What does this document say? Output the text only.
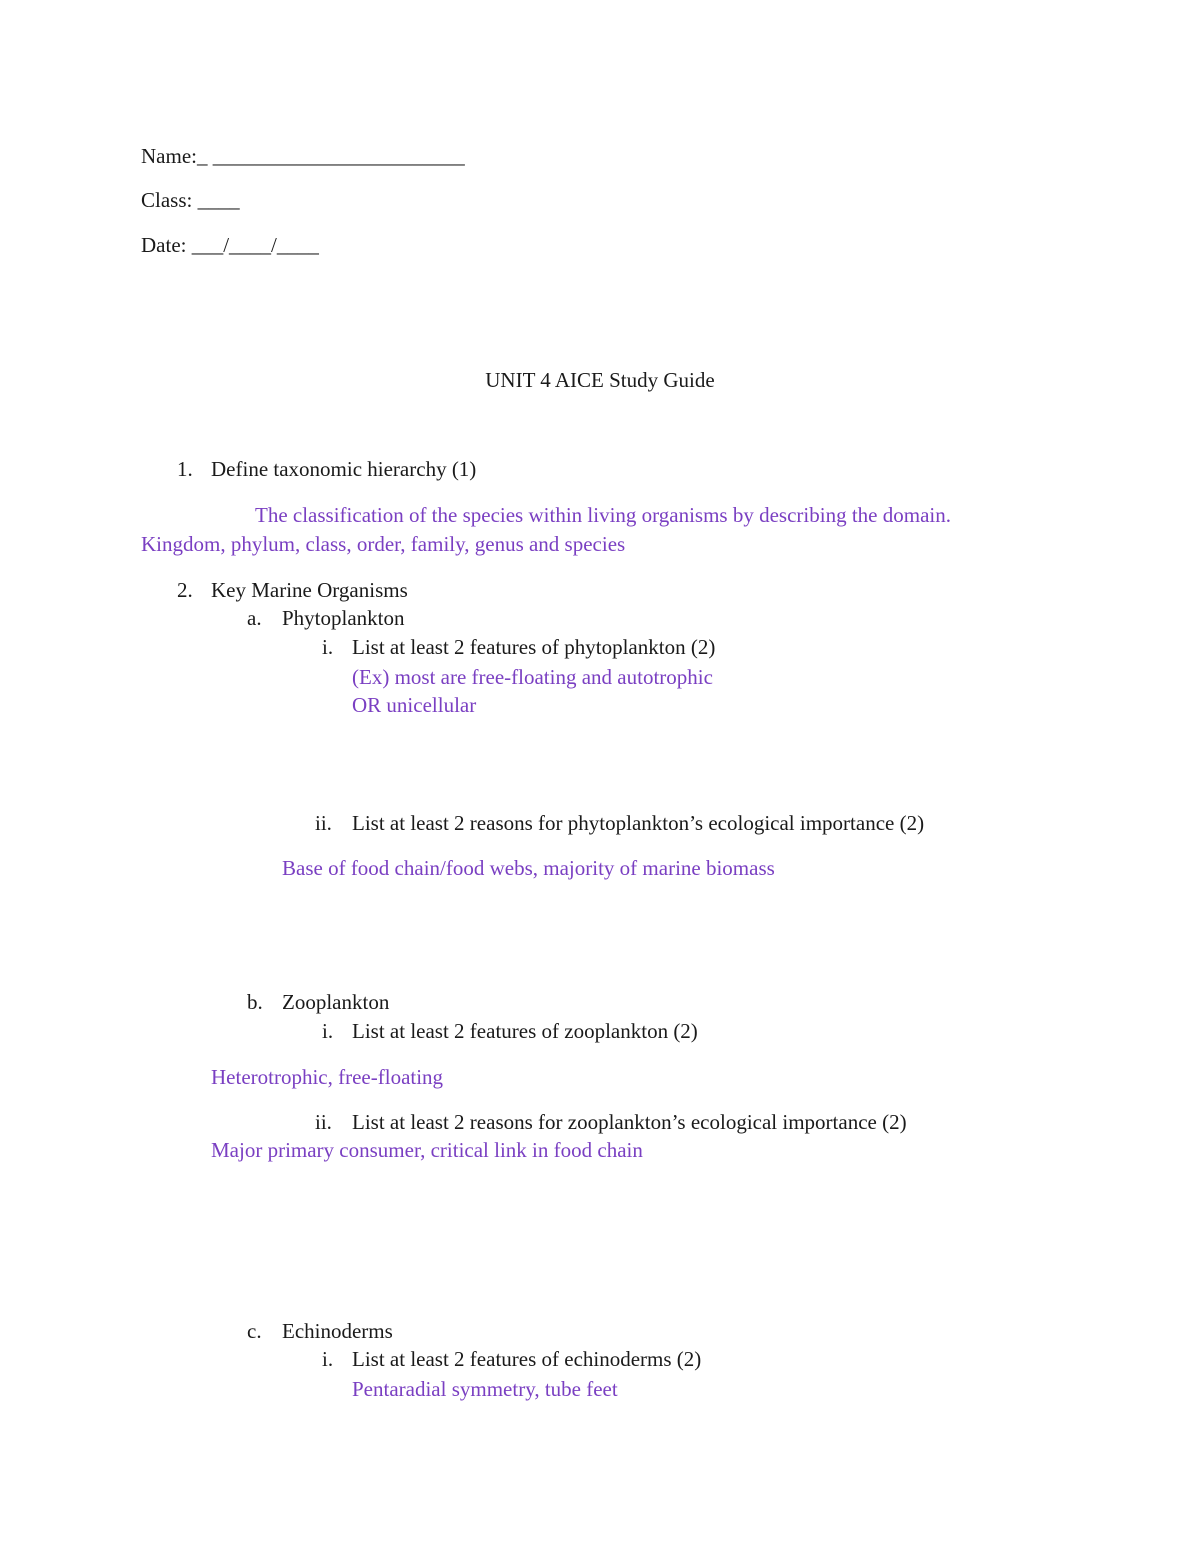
Name:_ ________________________
Class: ____
Date: ___/____/____
UNIT 4 AICE Study Guide
1. Define taxonomic hierarchy (1)
The classification of the species within living organisms by describing the domain.
Kingdom, phylum, class, order, family, genus and species
2. Key Marine Organisms
a. Phytoplankton
i. List at least 2 features of phytoplankton (2)
(Ex) most are free-floating and autotrophic
OR unicellular
ii. List at least 2 reasons for phytoplankton’s ecological importance (2)
Base of food chain/food webs, majority of marine biomass
b. Zooplankton
i. List at least 2 features of zooplankton (2)
Heterotrophic, free-floating
ii. List at least 2 reasons for zooplankton’s ecological importance (2)
Major primary consumer, critical link in food chain
c. Echinoderms
i. List at least 2 features of echinoderms (2)
Pentaradial symmetry, tube feet
